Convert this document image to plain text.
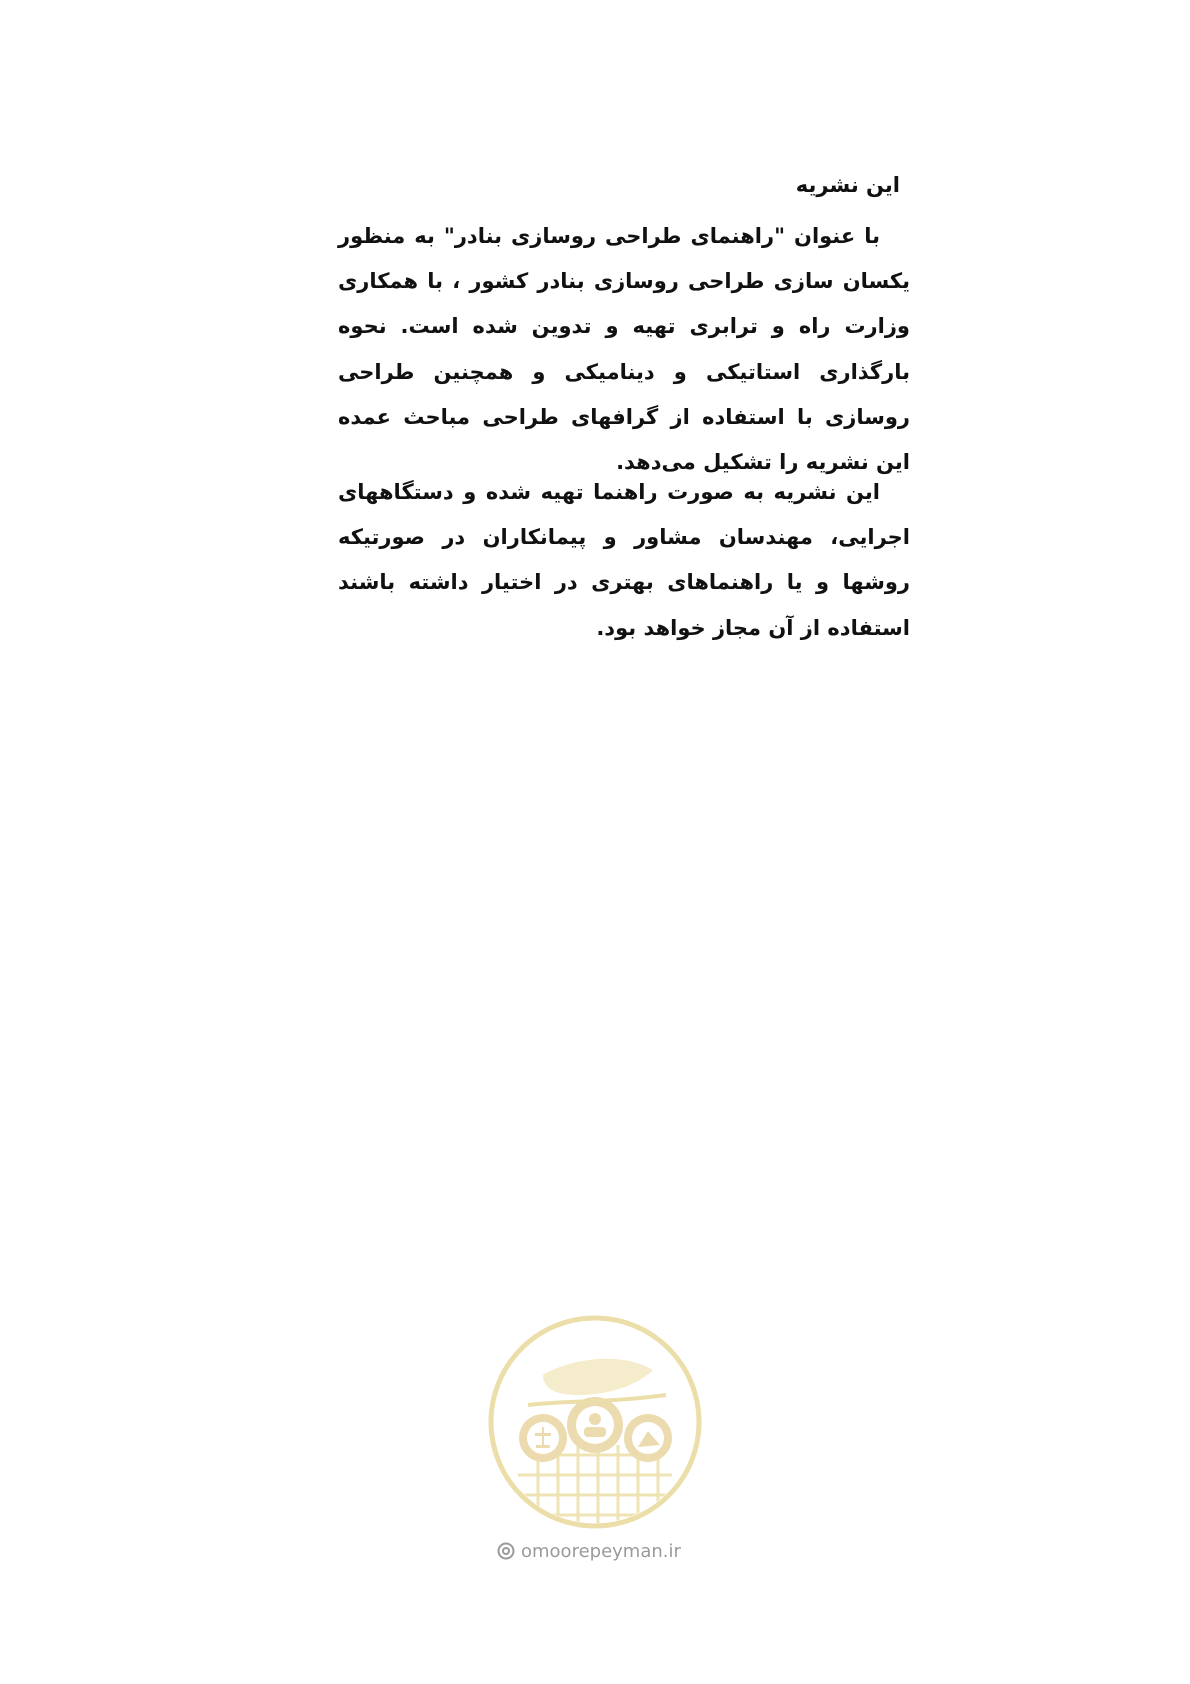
این نشریه

با عنوان "راهنمای طراحی روسازی بنادر" به منظور یکسان سازی طراحی روسازی بنادر کشور ، با همکاری وزارت راه و ترابری تهیه و تدوین شده است. نحوه بارگذاری استاتیکی و دینامیکی و همچنین طراحی روسازی با استفاده از گرافهای طراحی مباحث عمده این نشریه را تشکیل می‌دهد.

این نشریه به صورت راهنما تهیه شده و دستگاههای اجرایی، مهندسان مشاور و پیمانکاران در صورتیکه روشها و یا راهنماهای بهتری در اختیار داشته باشند استفاده از آن مجاز خواهد بود.

omoorepeyman.ir
